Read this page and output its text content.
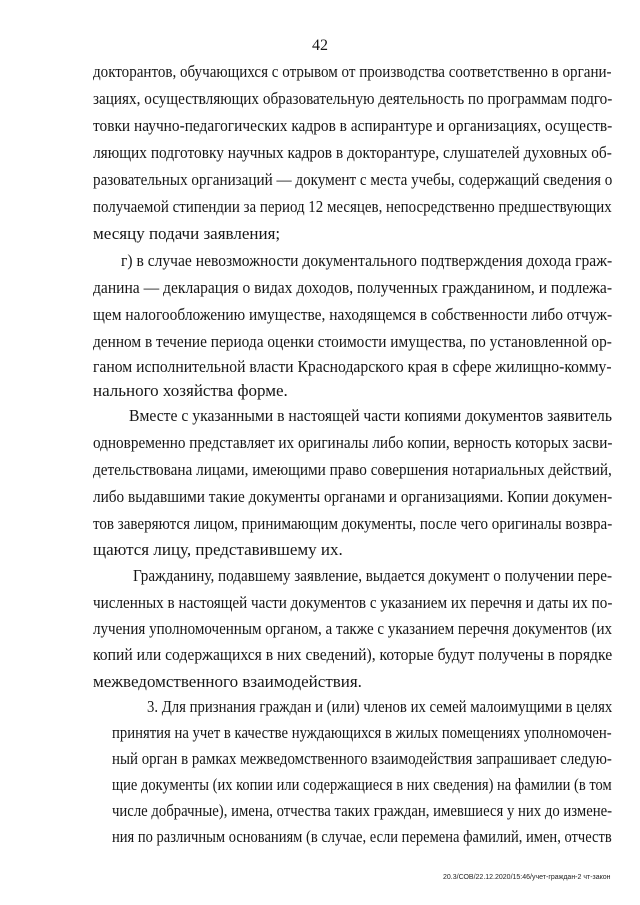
42
докторантов, обучающихся с отрывом от производства соответственно в органи-
зациях, осуществляющих образовательную деятельность по программам подго-
товки научно-педагогических кадров в аспирантуре и организациях, осуществ-
ляющих подготовку научных кадров в докторантуре, слушателей духовных об-
разовательных организаций — документ с места учебы, содержащий сведения о
получаемой стипендии за период 12 месяцев, непосредственно предшествующих
месяцу подачи заявления;
г) в случае невозможности документального подтверждения дохода граж-
данина — декларация о видах доходов, полученных гражданином, и подлежа-
щем налогообложению имуществе, находящемся в собственности либо отчуж-
денном в течение периода оценки стоимости имущества, по установленной ор-
ганом исполнительной власти Краснодарского края в сфере жилищно-комму-
нального хозяйства форме.
Вместе с указанными в настоящей части копиями документов заявитель
одновременно представляет их оригиналы либо копии, верность которых засви-
детельствована лицами, имеющими право совершения нотариальных действий,
либо выдавшими такие документы органами и организациями. Копии докумен-
тов заверяются лицом, принимающим документы, после чего оригиналы возвра-
щаются лицу, представившему их.
Гражданину, подавшему заявление, выдается документ о получении пере-
численных в настоящей части документов с указанием их перечня и даты их по-
лучения уполномоченным органом, а также с указанием перечня документов (их
копий или содержащихся в них сведений), которые будут получены в порядке
межведомственного взаимодействия.
3. Для признания граждан и (или) членов их семей малоимущими в целях
принятия на учет в качестве нуждающихся в жилых помещениях уполномочен-
ный орган в рамках межведомственного взаимодействия запрашивает следую-
щие документы (их копии или содержащиеся в них сведения) на фамилии (в том
числе добрачные), имена, отчества таких граждан, имевшиеся у них до измене-
ния по различным основаниям (в случае, если перемена фамилий, имен, отчеств
20.3/СОВ/22.12.2020/15:46/учет-граждан-2 чт-закон
